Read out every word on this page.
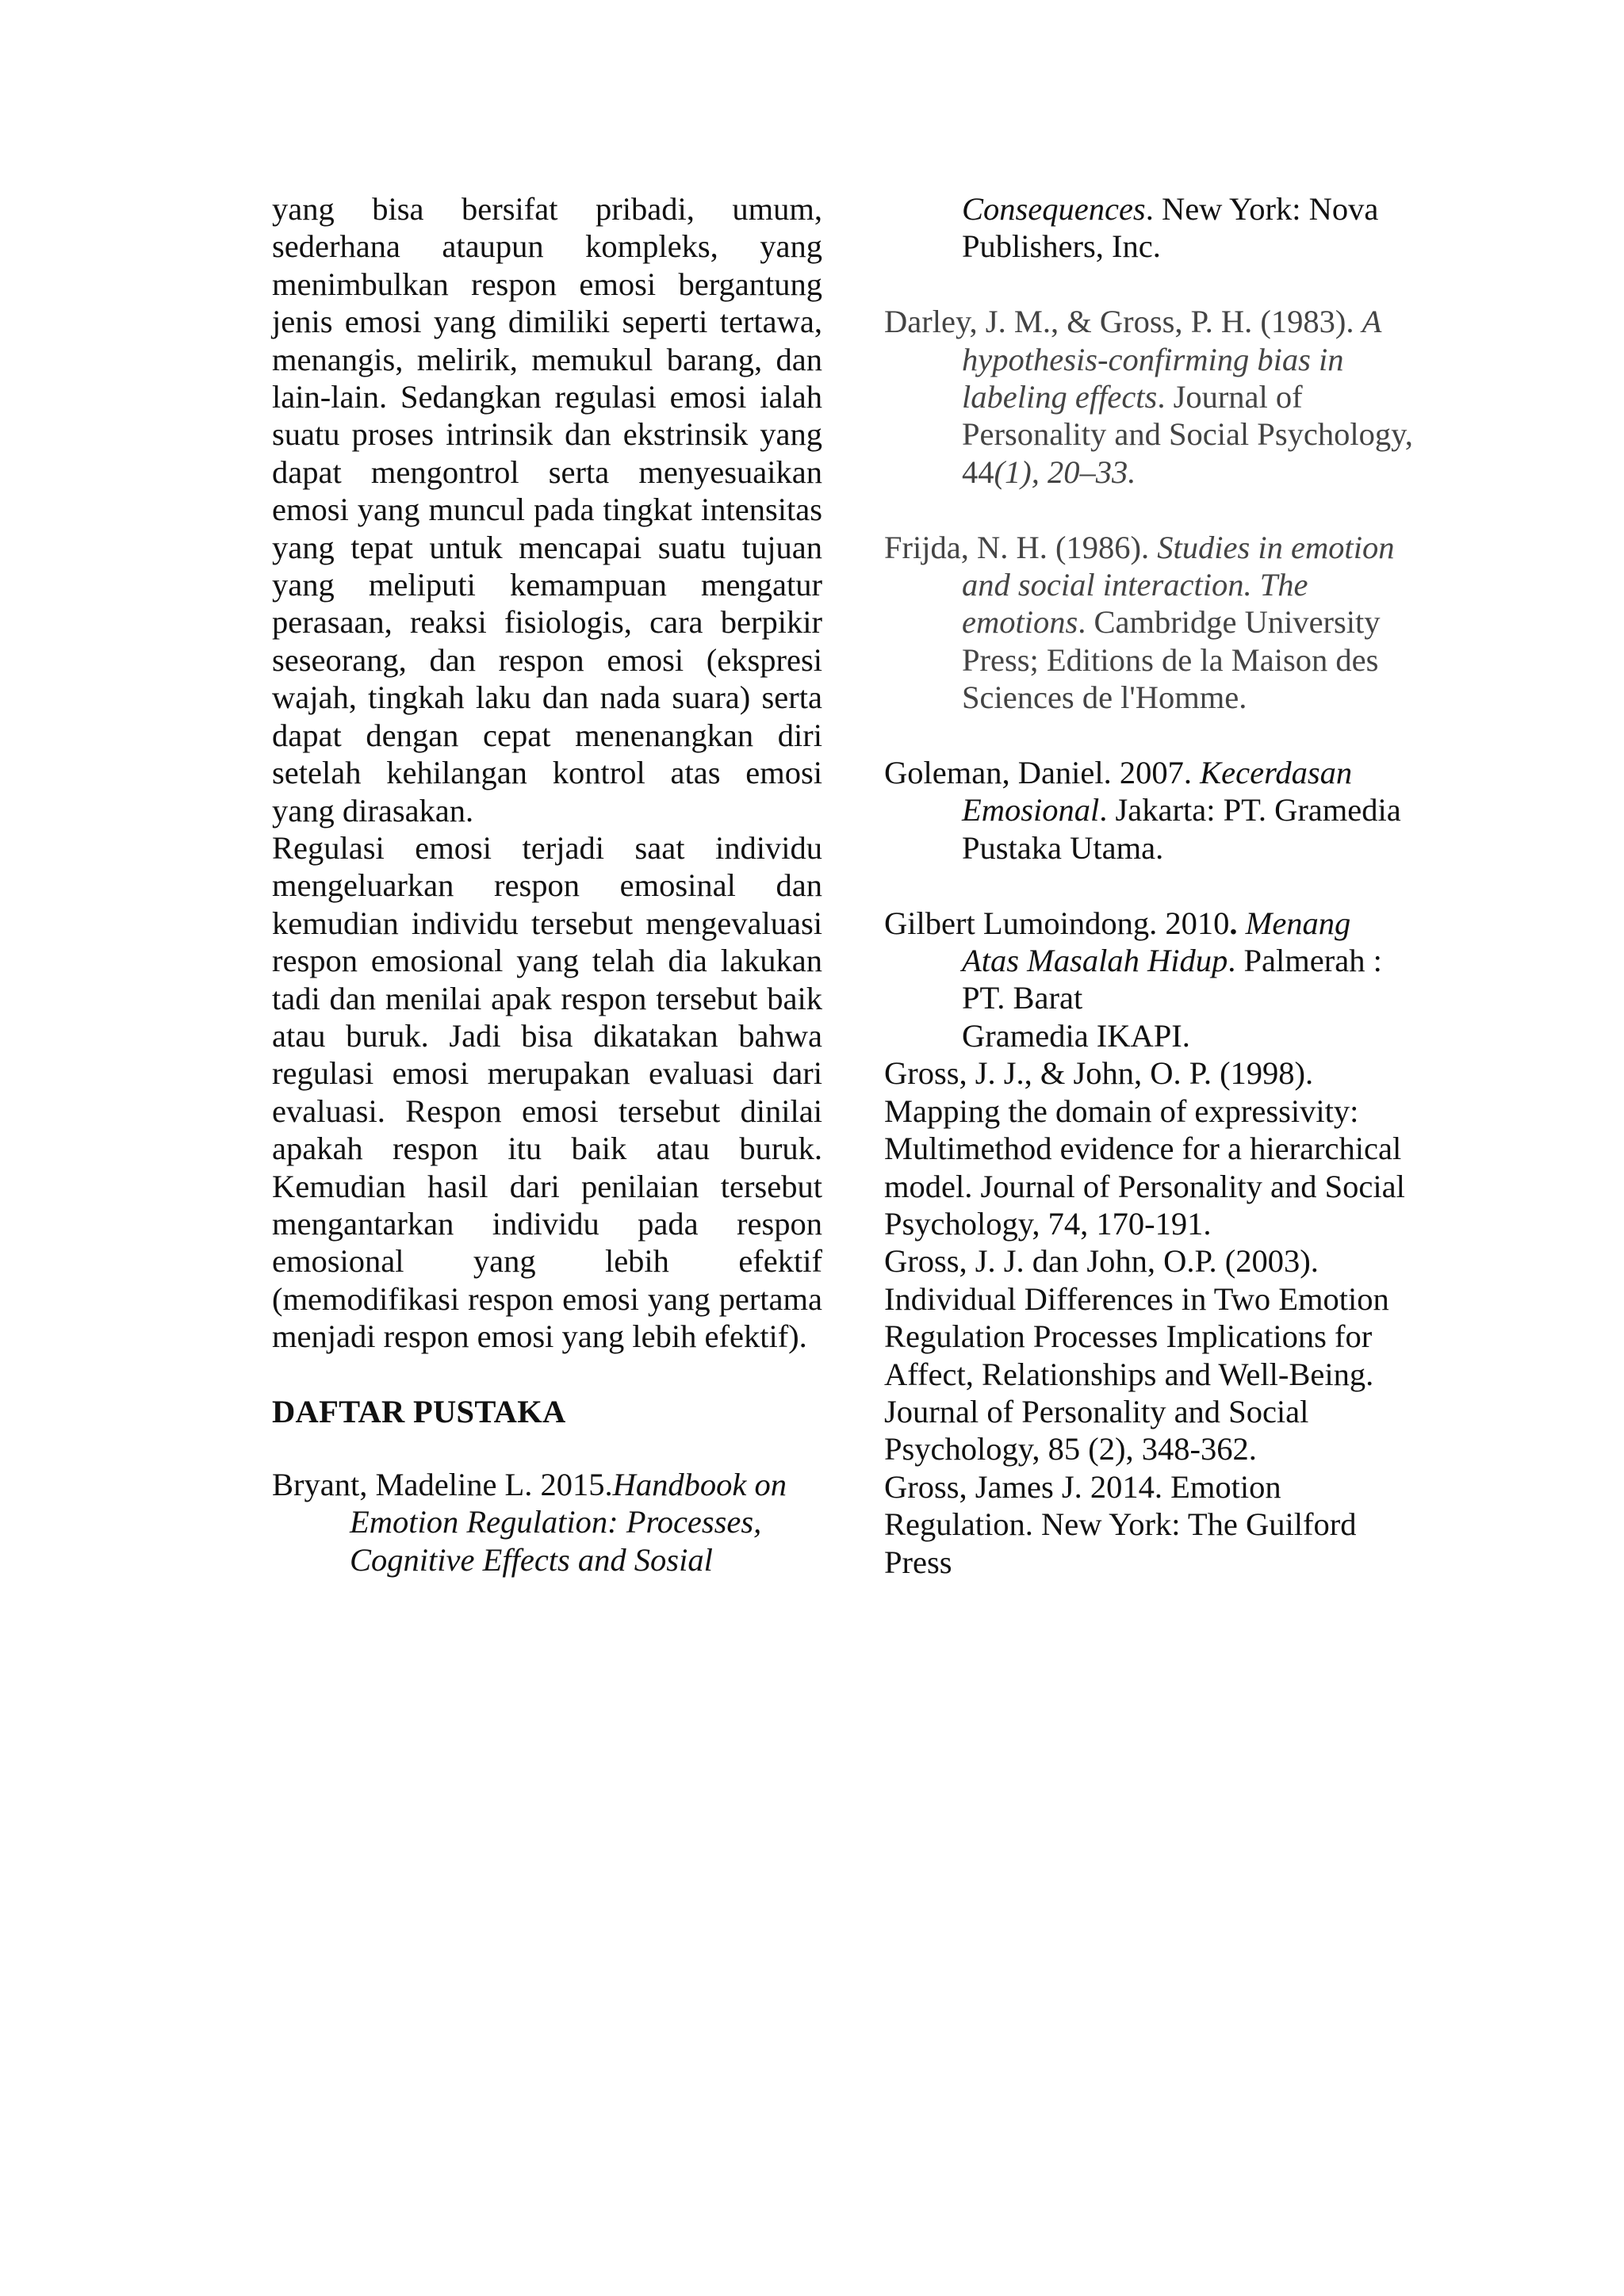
yang bisa bersifat pribadi, umum, sederhana ataupun kompleks, yang menimbulkan respon emosi bergantung jenis emosi yang dimiliki seperti tertawa, menangis, melirik, memukul barang, dan lain-lain. Sedangkan regulasi emosi ialah suatu proses intrinsik dan ekstrinsik yang dapat mengontrol serta menyesuaikan emosi yang muncul pada tingkat intensitas yang tepat untuk mencapai suatu tujuan yang meliputi kemampuan mengatur perasaan, reaksi fisiologis, cara berpikir seseorang, dan respon emosi (ekspresi wajah, tingkah laku dan nada suara) serta dapat dengan cepat menenangkan diri setelah kehilangan kontrol atas emosi yang dirasakan.

Regulasi emosi terjadi saat individu mengeluarkan respon emosinal dan kemudian individu tersebut mengevaluasi respon emosional yang telah dia lakukan tadi dan menilai apak respon tersebut baik atau buruk. Jadi bisa dikatakan bahwa regulasi emosi merupakan evaluasi dari evaluasi. Respon emosi tersebut dinilai apakah respon itu baik atau buruk. Kemudian hasil dari penilaian tersebut mengantarkan individu pada respon emosional yang lebih efektif (memodifikasi respon emosi yang pertama menjadi respon emosi yang lebih efektif).

DAFTAR PUSTAKA

Bryant, Madeline L. 2015.Handbook on Emotion Regulation: Processes, Cognitive Effects and Sosial

Consequences. New York: Nova Publishers, Inc.

Darley, J. M., & Gross, P. H. (1983). A hypothesis-confirming bias in labeling effects. Journal of Personality and Social Psychology, 44(1), 20–33.

Frijda, N. H. (1986). Studies in emotion and social interaction. The emotions. Cambridge University Press; Editions de la Maison des Sciences de l'Homme.

Goleman, Daniel. 2007. Kecerdasan Emosional. Jakarta: PT. Gramedia Pustaka Utama.

Gilbert Lumoindong. 2010. Menang Atas Masalah Hidup. Palmerah : PT. Barat
Gramedia IKAPI.

Gross, J. J., & John, O. P. (1998). Mapping the domain of expressivity: Multimethod evidence for a hierarchical model. Journal of Personality and Social Psychology, 74, 170-191.

Gross, J. J. dan John, O.P. (2003). Individual Differences in Two Emotion Regulation Processes Implications for Affect, Relationships and Well-Being. Journal of Personality and Social Psychology, 85 (2), 348-362.

Gross, James J. 2014. Emotion Regulation. New York: The Guilford Press
